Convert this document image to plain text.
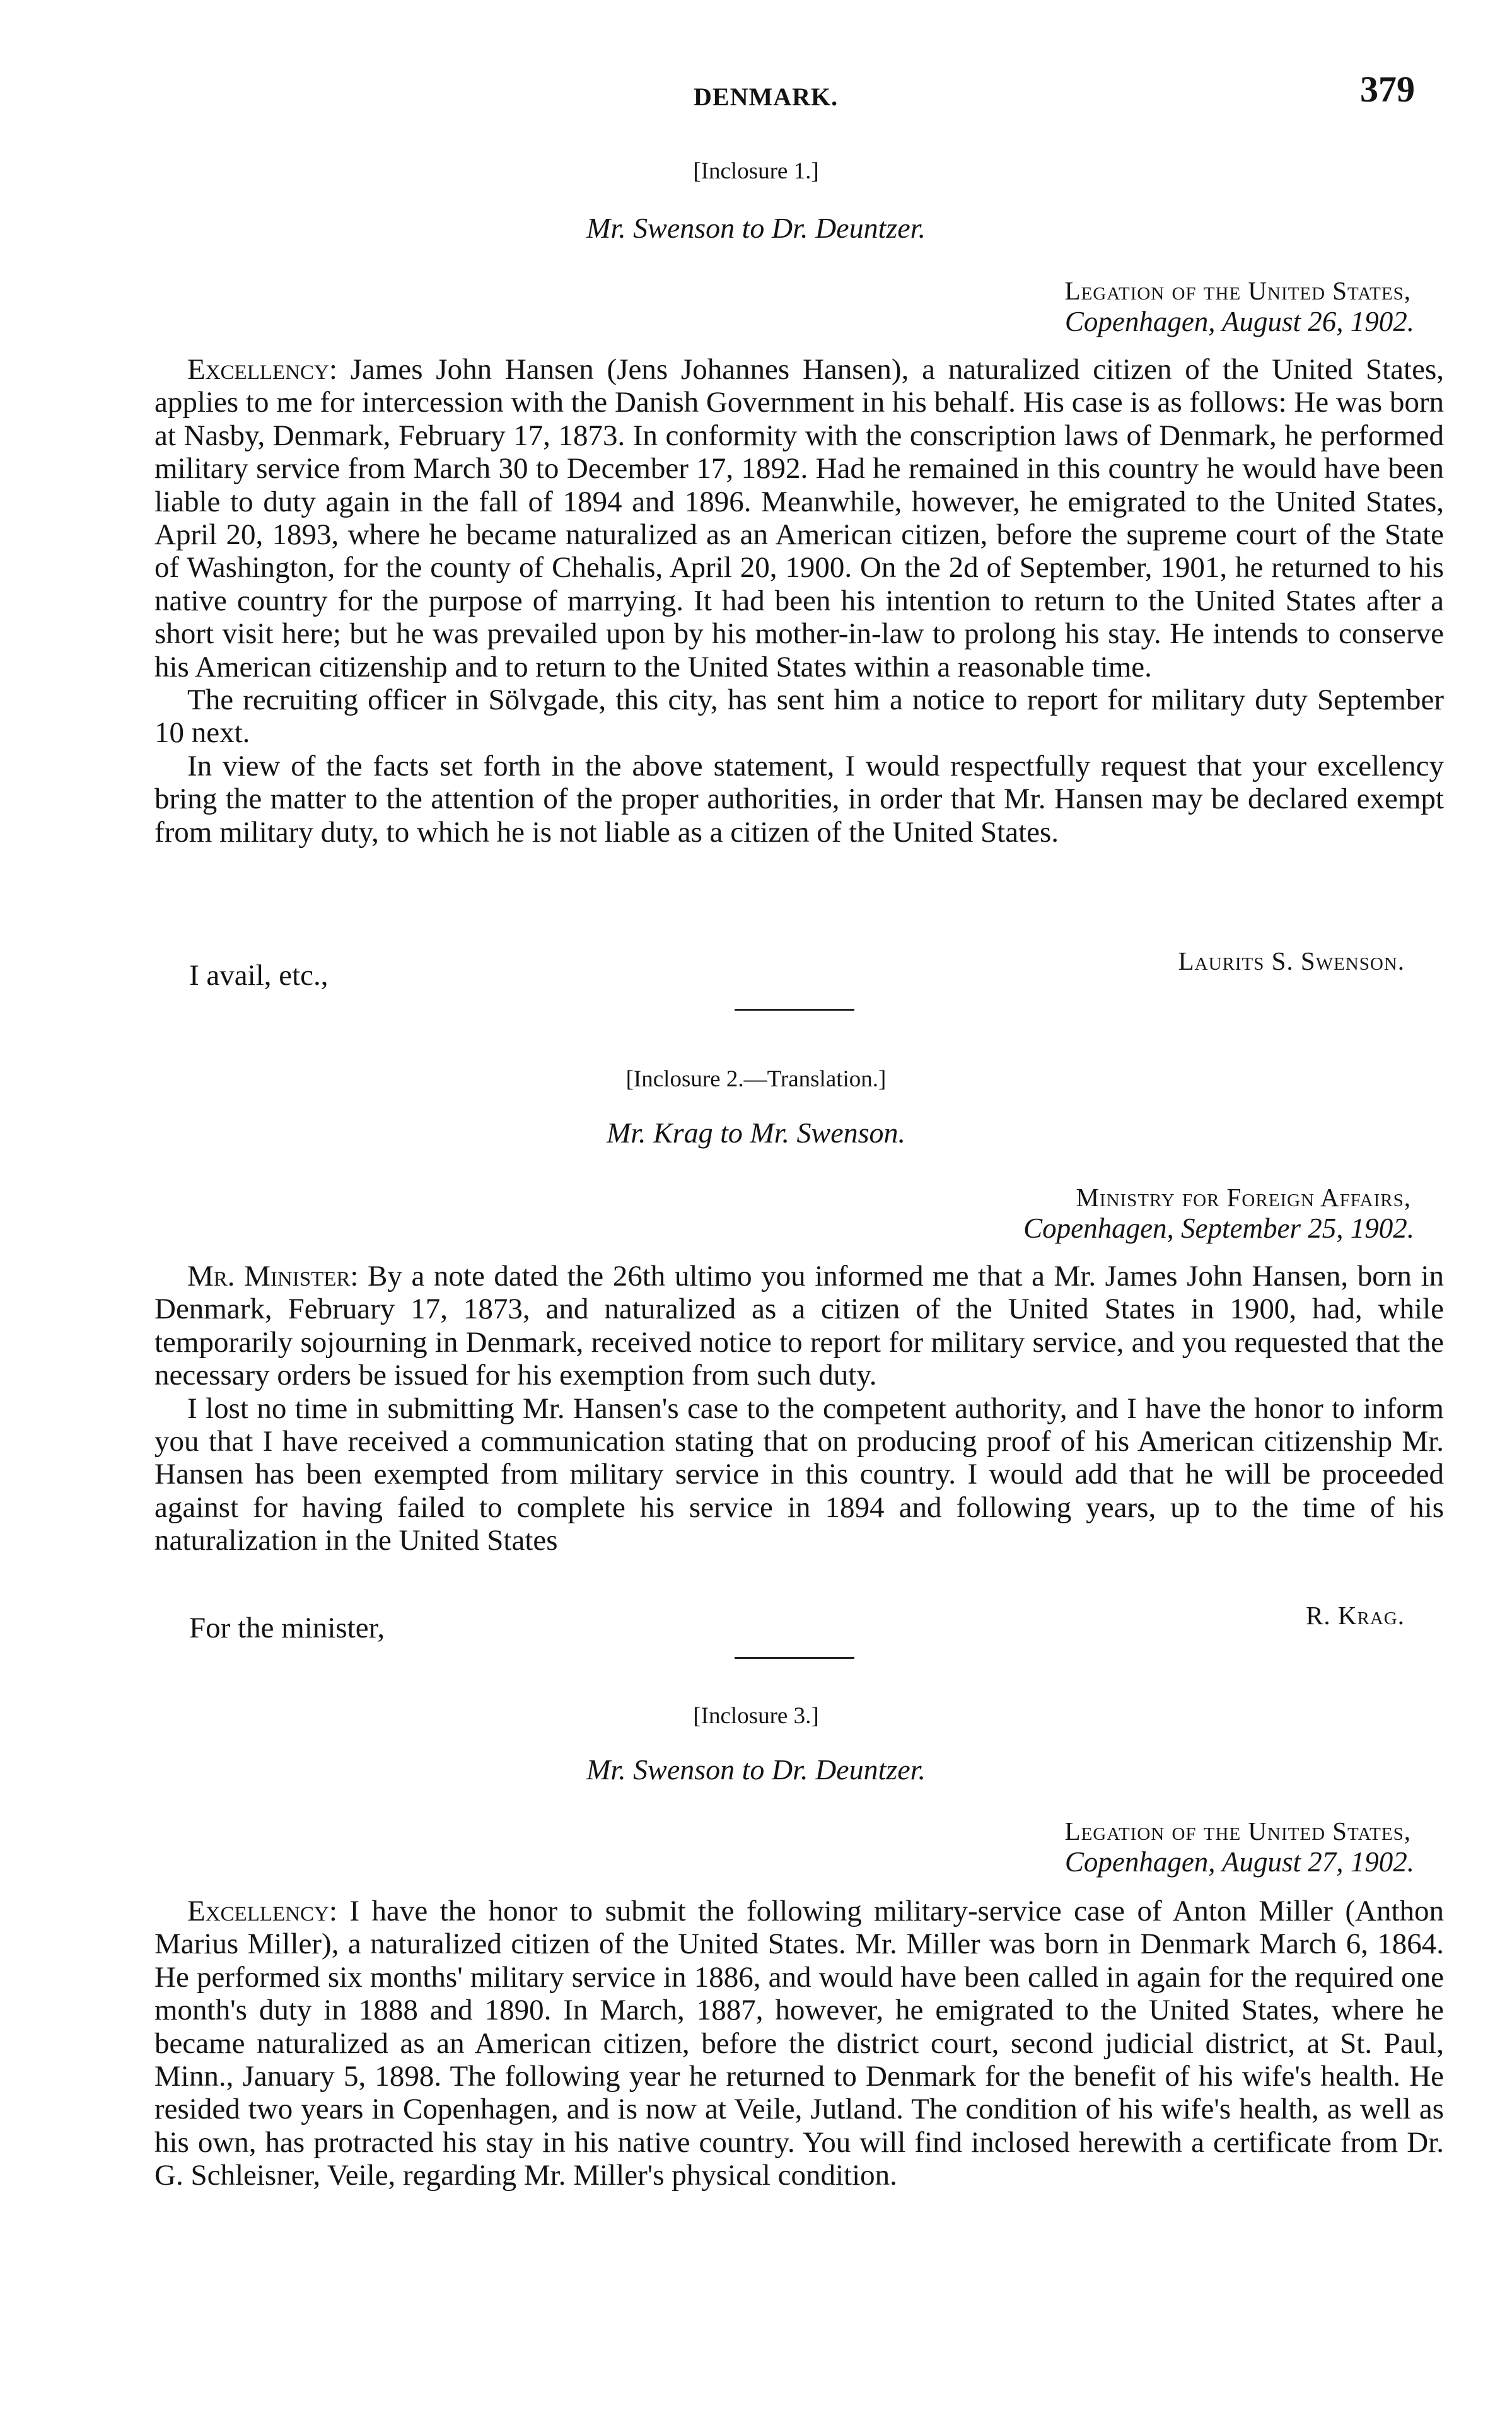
DENMARK.	379
[Inclosure 1.]
Mr. Swenson to Dr. Deuntzer.
Legation of the United States,
Copenhagen, August 26, 1902.

Excellency: James John Hansen (Jens Johannes Hansen), a naturalized citizen of the United States, applies to me for intercession with the Danish Government in his behalf. His case is as follows: He was born at Nasby, Denmark, February 17, 1873. In conformity with the conscription laws of Denmark, he performed military service from March 30 to December 17, 1892. Had he remained in this country he would have been liable to duty again in the fall of 1894 and 1896. Meanwhile, however, he emigrated to the United States, April 20, 1893, where he became naturalized as an American citizen, before the supreme court of the State of Washington, for the county of Chehalis, April 20, 1900. On the 2d of September, 1901, he returned to his native country for the purpose of marrying. It had been his intention to return to the United States after a short visit here; but he was prevailed upon by his mother-in-law to prolong his stay. He intends to conserve his American citizenship and to return to the United States within a reasonable time.

The recruiting officer in Sölvgade, this city, has sent him a notice to report for military duty September 10 next.

In view of the facts set forth in the above statement, I would respectfully request that your excellency bring the matter to the attention of the proper authorities, in order that Mr. Hansen may be declared exempt from military duty, to which he is not liable as a citizen of the United States.

I avail, etc.,	Laurits S. Swenson.
[Inclosure 2.—Translation.]
Mr. Krag to Mr. Swenson.
Ministry for Foreign Affairs,
Copenhagen, September 25, 1902.

Mr. Minister: By a note dated the 26th ultimo you informed me that a Mr. James John Hansen, born in Denmark, February 17, 1873, and naturalized as a citizen of the United States in 1900, had, while temporarily sojourning in Denmark, received notice to report for military service, and you requested that the necessary orders be issued for his exemption from such duty.

I lost no time in submitting Mr. Hansen's case to the competent authority, and I have the honor to inform you that I have received a communication stating that on producing proof of his American citizenship Mr. Hansen has been exempted from military service in this country. I would add that he will be proceeded against for having failed to complete his service in 1894 and following years, up to the time of his naturalization in the United States

For the minister,	R. Krag.
[Inclosure 3.]
Mr. Swenson to Dr. Deuntzer.
Legation of the United States,
Copenhagen, August 27, 1902.

Excellency: I have the honor to submit the following military-service case of Anton Miller (Anthon Marius Miller), a naturalized citizen of the United States. Mr. Miller was born in Denmark March 6, 1864. He performed six months' military service in 1886, and would have been called in again for the required one month's duty in 1888 and 1890. In March, 1887, however, he emigrated to the United States, where he became naturalized as an American citizen, before the district court, second judicial district, at St. Paul, Minn., January 5, 1898. The following year he returned to Denmark for the benefit of his wife's health. He resided two years in Copenhagen, and is now at Veile, Jutland. The condition of his wife's health, as well as his own, has protracted his stay in his native country. You will find inclosed herewith a certificate from Dr. G. Schleisner, Veile, regarding Mr. Miller's physical condition.
